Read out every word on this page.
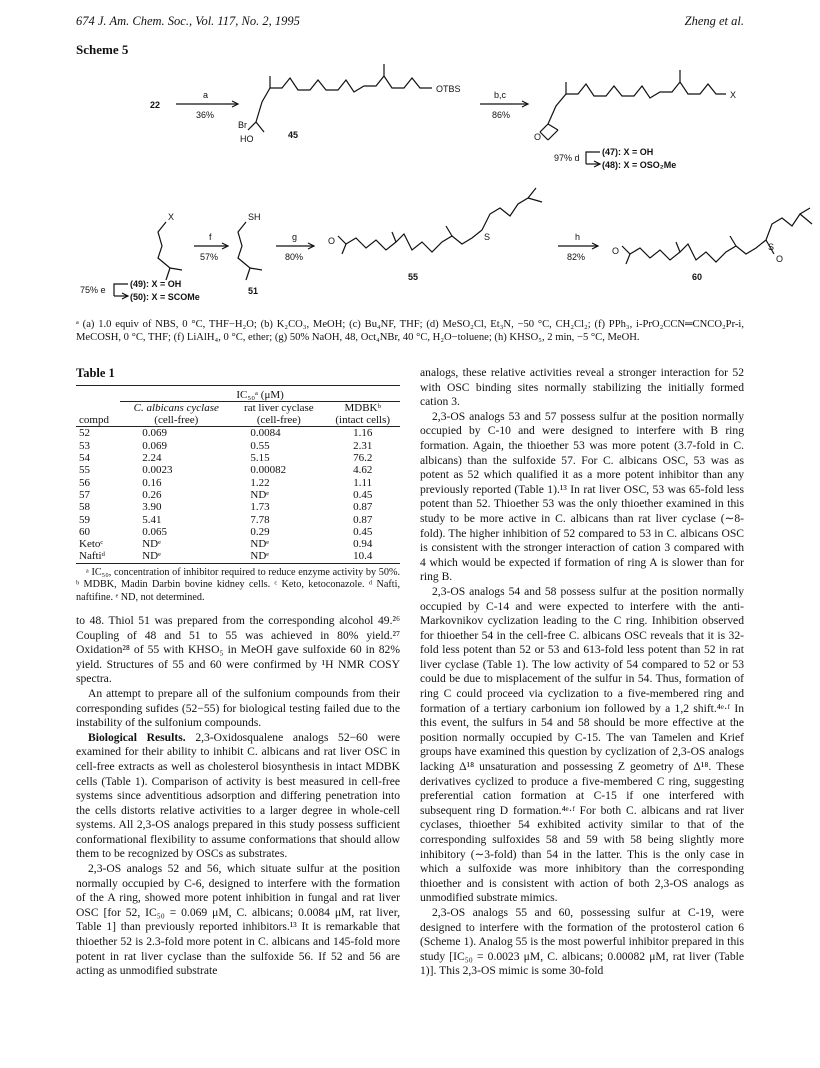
674 J. Am. Chem. Soc., Vol. 117, No. 2, 1995	Zheng et al.
Scheme 5
22
a
36%
Br
HO	45
OTBS
b,c
86%
X
O
97% d
(47): X = OH
(48): X = OSO₂Me
X
f
57%
SH
51
g
80%
O	S
55
h
82%
O	S
O
60
75% e
(49): X = OH
(50): X = SCOMe
ᵃ (a) 1.0 equiv of NBS, 0 °C, THF−H₂O; (b) K₂CO₃, MeOH; (c) Bu₄NF, THF; (d) MeSO₂Cl, Et₃N, −50 °C, CH₂Cl₂; (f) PPh₃, i-PrO₂CCN═CNCO₂Pr-i, MeCOSH, 0 °C, THF; (f) LiAlH₄, 0 °C, ether; (g) 50% NaOH, 48, Oct₄NBr, 40 °C, H₂O−toluene; (h) KHSO₅, 2 min, −5 °C, MeOH.
Table 1
	IC₅₀ᵃ (μM)		
	C. albicans cyclase	rat liver cyclase	MDBKᵇ
compd	(cell-free)	(cell-free)	(intact cells)
52	0.069	0.0084	1.16
53	0.069	0.55	2.31
54	2.24	5.15	76.2
55	0.0023	0.00082	4.62
56	0.16	1.22	1.11
57	0.26	NDᵉ	0.45
58	3.90	1.73	0.87
59	5.41	7.78	0.87
60	0.065	0.29	0.45
Ketoᶜ	NDᵉ	NDᵉ	0.94
Naftiᵈ	NDᵉ	NDᵉ	10.4
ᵃ IC₅₀, concentration of inhibitor required to reduce enzyme activity by 50%. ᵇ MDBK, Madin Darbin bovine kidney cells. ᶜ Keto, ketoconazole. ᵈ Nafti, naftifine. ᵉ ND, not determined.

to 48. Thiol 51 was prepared from the corresponding alcohol 49.²⁶ Coupling of 48 and 51 to 55 was achieved in 80% yield.²⁷ Oxidation²⁸ of 55 with KHSO₅ in MeOH gave sulfoxide 60 in 82% yield. Structures of 55 and 60 were confirmed by ¹H NMR COSY spectra.

An attempt to prepare all of the sulfonium compounds from their corresponding sufides (52−55) for biological testing failed due to the instability of the sulfonium compounds.

Biological Results. 2,3-Oxidosqualene analogs 52−60 were examined for their ability to inhibit C. albicans and rat liver OSC in cell-free extracts as well as cholesterol biosynthesis in intact MDBK cells (Table 1). Comparison of activity is best measured in cell-free systems since adventitious adsorption and differing penetration into the cells distorts relative activities to a larger degree in whole-cell systems. All 2,3-OS analogs prepared in this study possess sufficient conformational flexibility to assume conformations that should allow them to be recognized by OSCs as substrates.

2,3-OS analogs 52 and 56, which situate sulfur at the position normally occupied by C-6, designed to interfere with the formation of the A ring, showed more potent inhibition in fungal and rat liver OSC [for 52, IC₅₀ = 0.069 μM, C. albicans; 0.0084 μM, rat liver, Table 1] than previously reported inhibitors.¹³ It is remarkable that thioether 52 is 2.3-fold more potent in C. albicans and 145-fold more potent in rat liver cyclase than the sulfoxide 56. If 52 and 56 are acting as unmodified substrate

analogs, these relative activities reveal a stronger interaction for 52 with OSC binding sites normally stabilizing the initially formed cation 3.

2,3-OS analogs 53 and 57 possess sulfur at the position normally occupied by C-10 and were designed to interfere with B ring formation. Again, the thioether 53 was more potent (3.7-fold in C. albicans) than the sulfoxide 57. For C. albicans OSC, 53 was as potent as 52 which qualified it as a more potent inhibitor than any previously reported (Table 1).¹³ In rat liver OSC, 53 was 65-fold less potent than 52. Thioether 53 was the only thioether examined in this study to be more active in C. albicans than rat liver cyclase (∼8-fold). The higher inhibition of 52 compared to 53 in C. albicans OSC is consistent with the stronger interaction of cation 3 compared with 4 which would be expected if formation of ring A is slower than for ring B.

2,3-OS analogs 54 and 58 possess sulfur at the position normally occupied by C-14 and were expected to interfere with the anti-Markovnikov cyclization leading to the C ring. Inhibition observed for thioether 54 in the cell-free C. albicans OSC reveals that it is 32-fold less potent than 52 or 53 and 613-fold less potent than 52 in rat liver cyclase (Table 1). The low activity of 54 compared to 52 or 53 could be due to misplacement of the sulfur in 54. Thus, formation of ring C could proceed via cyclization to a five-membered ring and formation of a tertiary carbonium ion followed by a 1,2 shift.⁴ᵉ·ᶠ In this event, the sulfurs in 54 and 58 should be more effective at the position normally occupied by C-15. The van Tamelen and Krief groups have examined this question by cyclization of 2,3-OS analogs lacking Δ¹⁸ unsaturation and possessing Z geometry of Δ¹⁸. These derivatives cyclized to produce a five-membered C ring, suggesting preferential cation formation at C-15 if one interfered with subsequent ring D formation.⁴ᵉ·ᶠ For both C. albicans and rat liver cyclases, thioether 54 exhibited activity similar to that of the corresponding sulfoxides 58 and 59 with 58 being slightly more inhibitory (∼3-fold) than 54 in the latter. This is the only case in which a sulfoxide was more inhibitory than the corresponding thioether and is consistent with action of both 2,3-OS analogs as unmodified substrate mimics.

2,3-OS analogs 55 and 60, possessing sulfur at C-19, were designed to interfere with the formation of the protosterol cation 6 (Scheme 1). Analog 55 is the most powerful inhibitor prepared in this study [IC₅₀ = 0.0023 μM, C. albicans; 0.00082 μM, rat liver (Table 1)]. This 2,3-OS mimic is some 30-fold
